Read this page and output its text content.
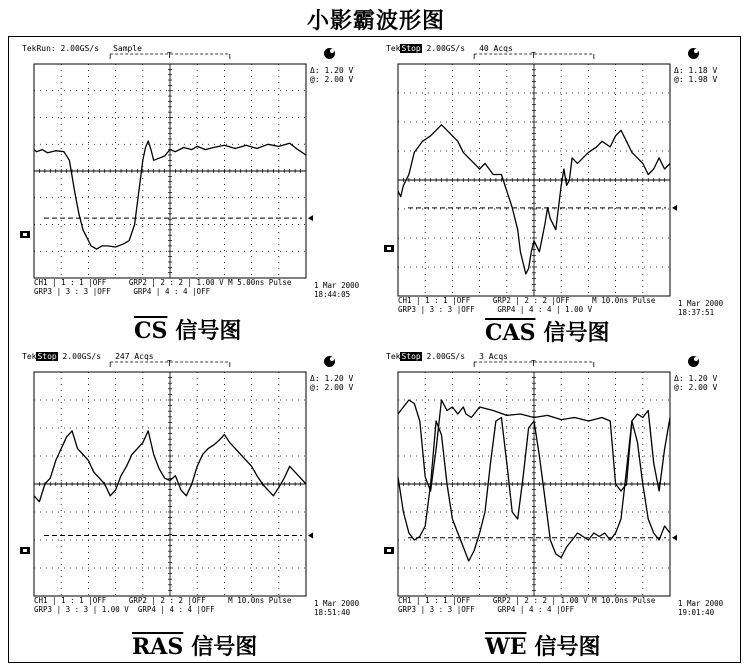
小影霸波形图
T
TekRun: 2.00GS/s Sample
Δ: 1.20 V
@: 2.00 V
CH1 | 1 : 1 |OFF     GRP2 | 2 : 2 | 1.00 V M 5.00ns Pulse
GRP3 | 3 : 3 |OFF     GRP4 | 4 : 4 |OFF
1 Mar 2000
18:44:05
$\overline{CS}$ 信号图
T
TekStop 2.00GS/s 40 Acqs
Δ: 1.18 V
@: 1.98 V
CH1 | 1 : 1 |OFF     GRP2 | 2 : 2 |OFF     M 10.0ns Pulse
GRP3 | 3 : 3 |OFF     GRP4 | 4 : 4 | 1.00 V
1 Mar 2000
18:37:51
$\overline{CAS}$ 信号图
T
TekStop 2.00GS/s 247 Acqs
Δ: 1.20 V
@: 2.00 V
CH1 | 1 : 1 |OFF     GRP2 | 2 : 2 |OFF     M 10.0ns Pulse
GRP3 | 3 : 3 | 1.00 V  GRP4 | 4 : 4 |OFF
1 Mar 2000
18:51:40
$\overline{RAS}$ 信号图
T
TekStop 2.00GS/s 3 Acqs
Δ: 1.20 V
@: 2.00 V
CH1 | 1 : 1 |OFF     GRP2 | 2 : 2 | 1.00 V M 10.0ns Pulse
GRP3 | 3 : 3 |OFF     GRP4 | 4 : 4 |OFF
1 Mar 2000
19:01:40
$\overline{WE}$ 信号图
